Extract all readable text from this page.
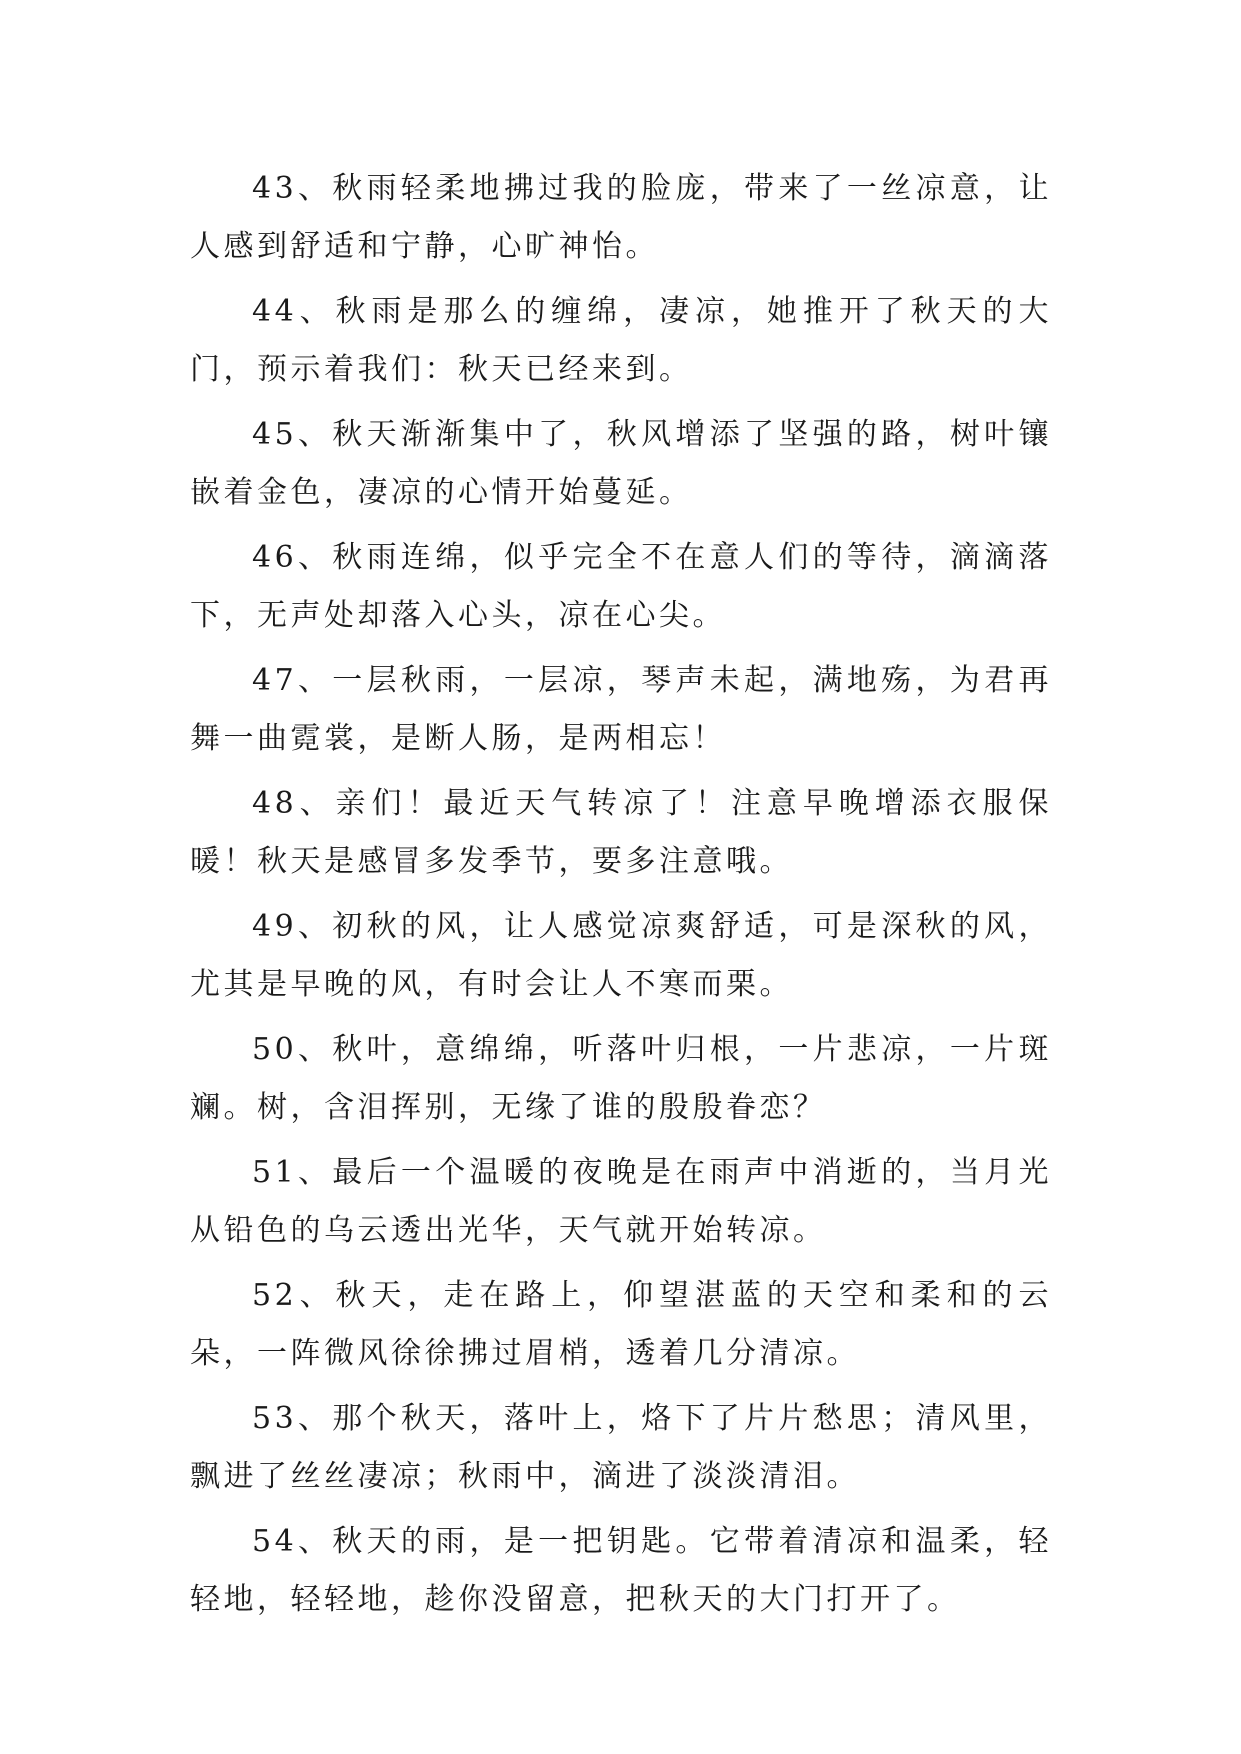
43、秋雨轻柔地拂过我的脸庞，带来了一丝凉意，让人感到舒适和宁静，心旷神怡。

44、秋雨是那么的缠绵，凄凉，她推开了秋天的大门，预示着我们：秋天已经来到。

45、秋天渐渐集中了，秋风增添了坚强的路，树叶镶嵌着金色，凄凉的心情开始蔓延。

46、秋雨连绵，似乎完全不在意人们的等待，滴滴落下，无声处却落入心头，凉在心尖。

47、一层秋雨，一层凉，琴声未起，满地殇，为君再舞一曲霓裳，是断人肠，是两相忘！

48、亲们！最近天气转凉了！注意早晚增添衣服保暖！秋天是感冒多发季节，要多注意哦。

49、初秋的风，让人感觉凉爽舒适，可是深秋的风，尤其是早晚的风，有时会让人不寒而栗。

50、秋叶，意绵绵，听落叶归根，一片悲凉，一片斑斓。树，含泪挥别，无缘了谁的殷殷眷恋？

51、最后一个温暖的夜晚是在雨声中消逝的，当月光从铅色的乌云透出光华，天气就开始转凉。

52、秋天，走在路上，仰望湛蓝的天空和柔和的云朵，一阵微风徐徐拂过眉梢，透着几分清凉。

53、那个秋天，落叶上，烙下了片片愁思；清风里，飘进了丝丝凄凉；秋雨中，滴进了淡淡清泪。

54、秋天的雨，是一把钥匙。它带着清凉和温柔，轻轻地，轻轻地，趁你没留意，把秋天的大门打开了。
